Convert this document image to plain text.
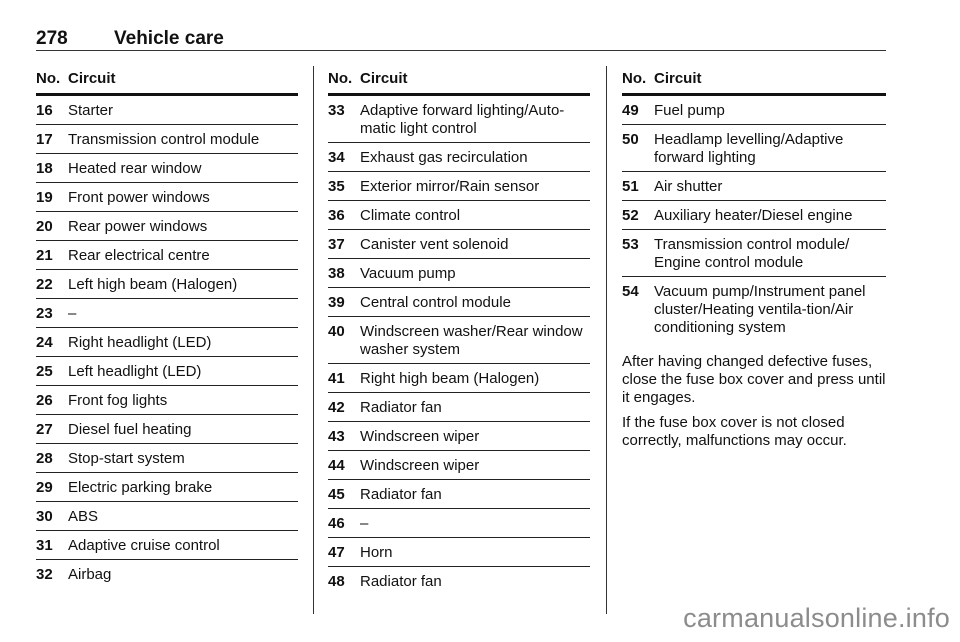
278 Vehicle care
No. Circuit
16	Starter
17	Transmission control module
18	Heated rear window
19	Front power windows
20	Rear power windows
21	Rear electrical centre
22	Left high beam (Halogen)
23	–
24	Right headlight (LED)
25	Left headlight (LED)
26	Front fog lights
27	Diesel fuel heating
28	Stop-start system
29	Electric parking brake
30	ABS
31	Adaptive cruise control
32	Airbag
No. Circuit
33	Adaptive forward lighting/Auto-matic light control
34	Exhaust gas recirculation
35	Exterior mirror/Rain sensor
36	Climate control
37	Canister vent solenoid
38	Vacuum pump
39	Central control module
40	Windscreen washer/Rear window washer system
41	Right high beam (Halogen)
42	Radiator fan
43	Windscreen wiper
44	Windscreen wiper
45	Radiator fan
46	–
47	Horn
48	Radiator fan
No. Circuit
49	Fuel pump
50	Headlamp levelling/Adaptive forward lighting
51	Air shutter
52	Auxiliary heater/Diesel engine
53	Transmission control module/ Engine control module
54	Vacuum pump/Instrument panel cluster/Heating ventila-tion/Air conditioning system

After having changed defective fuses, close the fuse box cover and press until it engages.

If the fuse box cover is not closed correctly, malfunctions may occur.

carmanualsonline.info
